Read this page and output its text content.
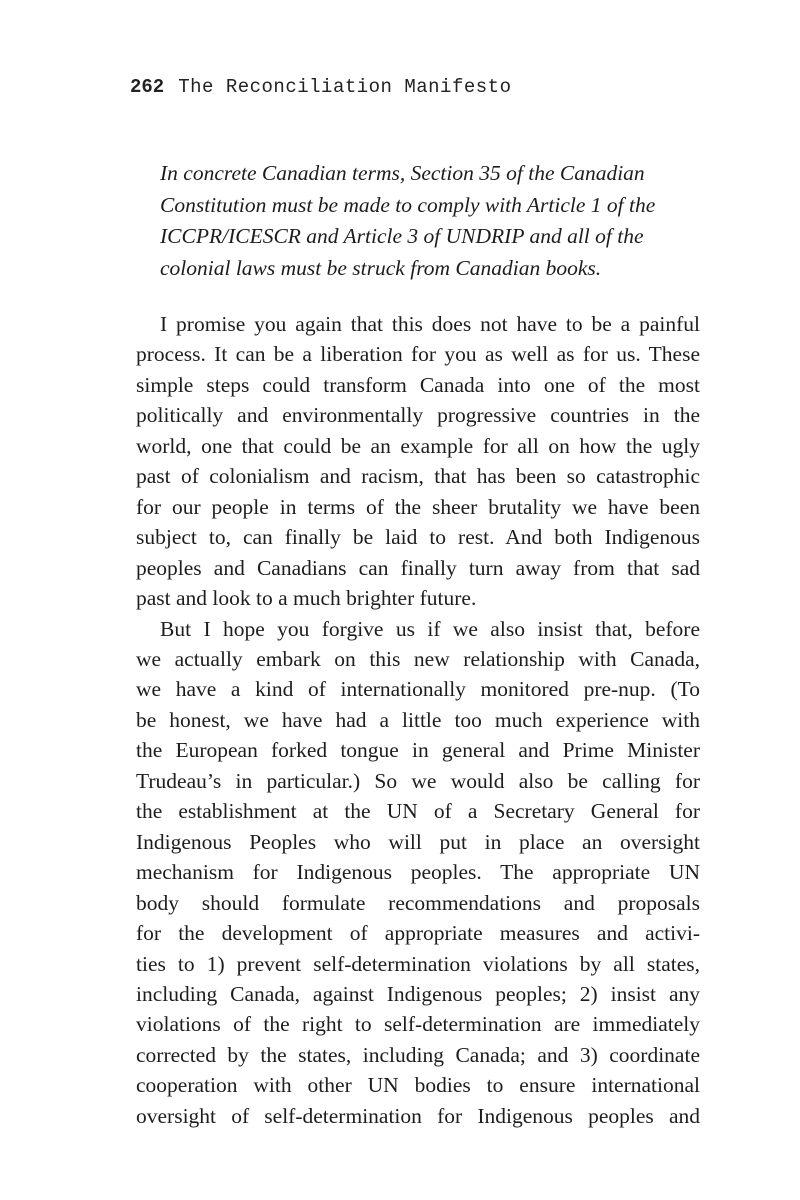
262 The Reconciliation Manifesto
In concrete Canadian terms, Section 35 of the Canadian
Constitution must be made to comply with Article 1 of the
ICCPR/ICESCR and Article 3 of UNDRIP and all of the
colonial laws must be struck from Canadian books.
I promise you again that this does not have to be a painful
process. It can be a liberation for you as well as for us. These
simple steps could transform Canada into one of the most
politically and environmentally progressive countries in the
world, one that could be an example for all on how the ugly
past of colonialism and racism, that has been so catastrophic
for our people in terms of the sheer brutality we have been
subject to, can finally be laid to rest. And both Indigenous
peoples and Canadians can finally turn away from that sad
past and look to a much brighter future.
But I hope you forgive us if we also insist that, before
we actually embark on this new relationship with Canada,
we have a kind of internationally monitored pre-nup. (To
be honest, we have had a little too much experience with
the European forked tongue in general and Prime Minister
Trudeau’s in particular.) So we would also be calling for
the establishment at the UN of a Secretary General for
Indigenous Peoples who will put in place an oversight
mechanism for Indigenous peoples. The appropriate UN
body should formulate recommendations and proposals
for the development of appropriate measures and activi-
ties to 1) prevent self-determination violations by all states,
including Canada, against Indigenous peoples; 2) insist any
violations of the right to self-determination are immediately
corrected by the states, including Canada; and 3) coordinate
cooperation with other UN bodies to ensure international
oversight of self-determination for Indigenous peoples and
